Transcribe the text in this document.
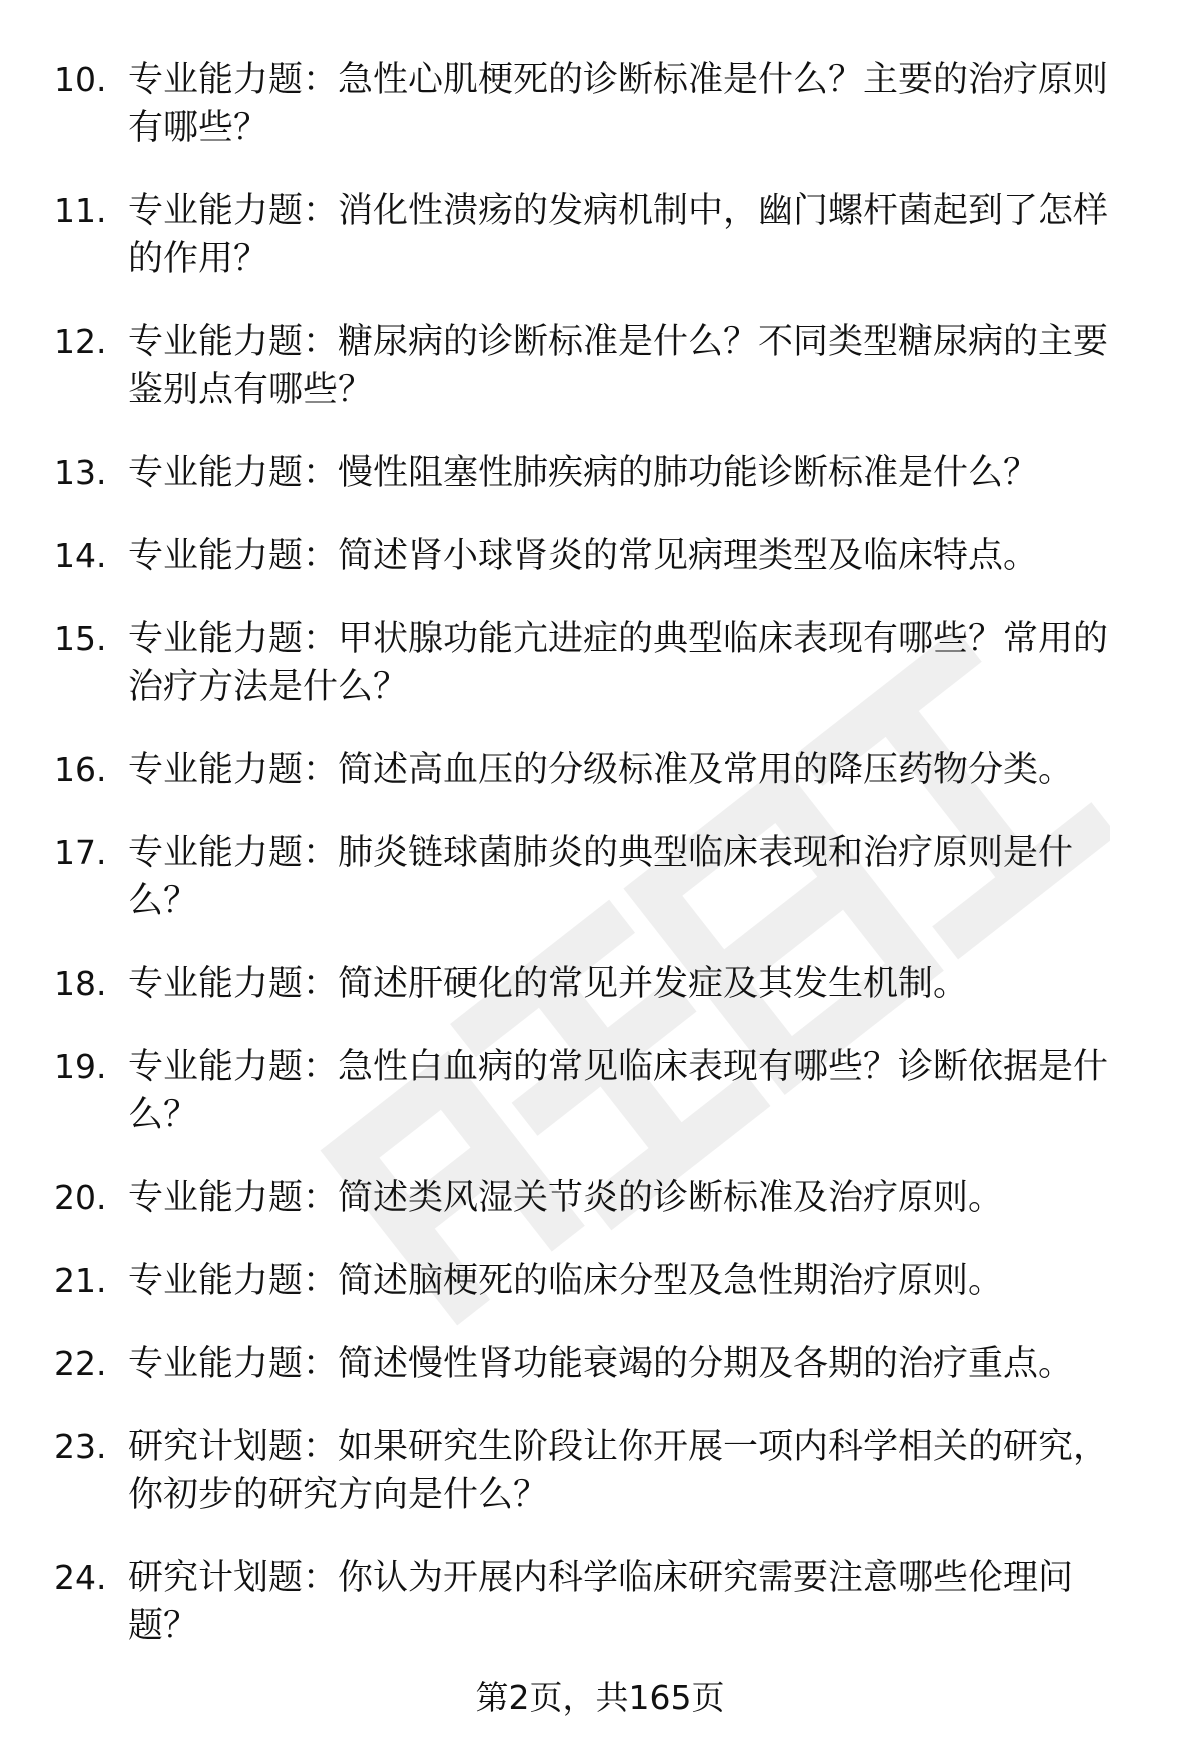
10. 专业能力题：急性心肌梗死的诊断标准是什么？主要的治疗原则有哪些？
11. 专业能力题：消化性溃疡的发病机制中，幽门螺杆菌起到了怎样的作用？
12. 专业能力题：糖尿病的诊断标准是什么？不同类型糖尿病的主要鉴别点有哪些？
13. 专业能力题：慢性阻塞性肺疾病的肺功能诊断标准是什么？
14. 专业能力题：简述肾小球肾炎的常见病理类型及临床特点。
15. 专业能力题：甲状腺功能亢进症的典型临床表现有哪些？常用的治疗方法是什么？
16. 专业能力题：简述高血压的分级标准及常用的降压药物分类。
17. 专业能力题：肺炎链球菌肺炎的典型临床表现和治疗原则是什么？
18. 专业能力题：简述肝硬化的常见并发症及其发生机制。
19. 专业能力题：急性白血病的常见临床表现有哪些？诊断依据是什么？
20. 专业能力题：简述类风湿关节炎的诊断标准及治疗原则。
21. 专业能力题：简述脑梗死的临床分型及急性期治疗原则。
22. 专业能力题：简述慢性肾功能衰竭的分期及各期的治疗重点。
23. 研究计划题：如果研究生阶段让你开展一项内科学相关的研究，你初步的研究方向是什么？
24. 研究计划题：你认为开展内科学临床研究需要注意哪些伦理问题？
第2页，共165页
